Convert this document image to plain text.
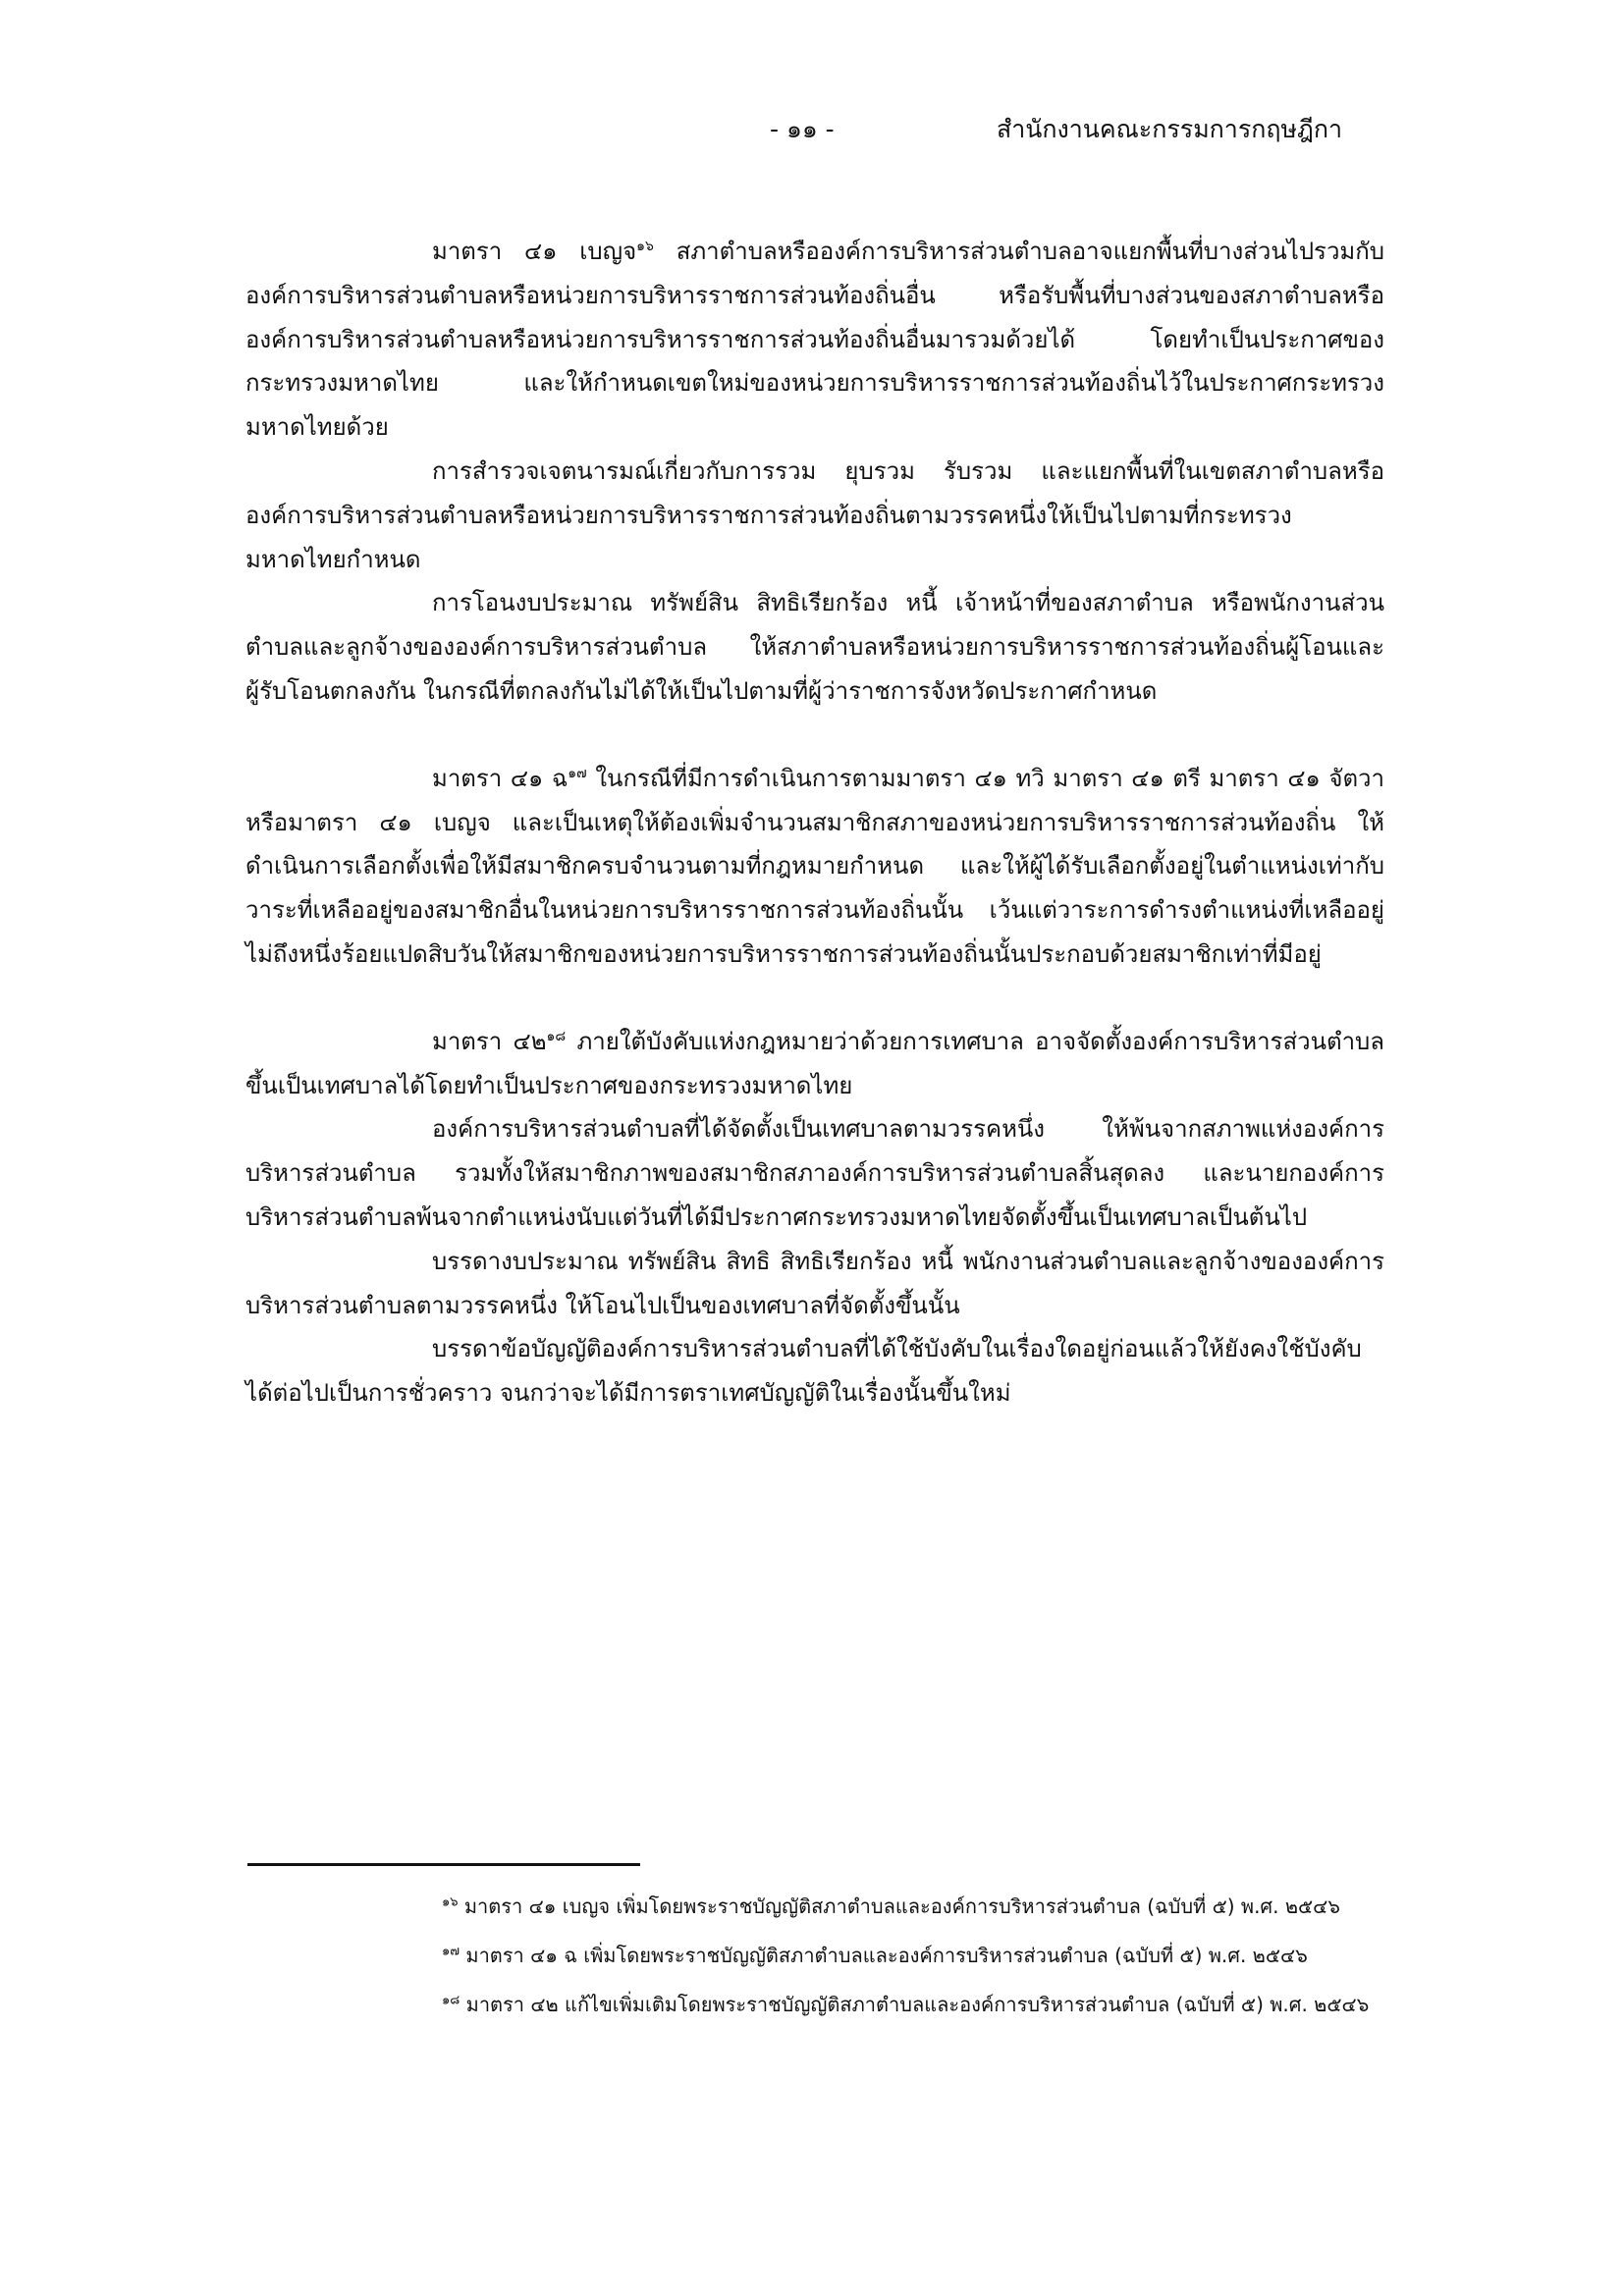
- ๑๑ -	สำนักงานคณะกรรมการกฤษฎีกา

มาตรา ๔๑ เบญจ$^{๑๖}$ สภาตำบลหรือองค์การบริหารส่วนตำบลอาจแยกพื้นที่บางส่วนไปรวมกับองค์การบริหารส่วนตำบลหรือหน่วยการบริหารราชการส่วนท้องถิ่นอื่น หรือรับพื้นที่บางส่วนของสภาตำบลหรือองค์การบริหารส่วนตำบลหรือหน่วยการบริหารราชการส่วนท้องถิ่นอื่นมารวมด้วยได้ โดยทำเป็นประกาศของกระทรวงมหาดไทย และให้กำหนดเขตใหม่ของหน่วยการบริหารราชการส่วนท้องถิ่นไว้ในประกาศกระทรวงมหาดไทยด้วย

การสำรวจเจตนารมณ์เกี่ยวกับการรวม ยุบรวม รับรวม และแยกพื้นที่ในเขตสภาตำบลหรือองค์การบริหารส่วนตำบลหรือหน่วยการบริหารราชการส่วนท้องถิ่นตามวรรคหนึ่งให้เป็นไปตามที่กระทรวงมหาดไทยกำหนด

การโอนงบประมาณ ทรัพย์สิน สิทธิเรียกร้อง หนี้ เจ้าหน้าที่ของสภาตำบล หรือพนักงานส่วนตำบลและลูกจ้างขององค์การบริหารส่วนตำบล ให้สภาตำบลหรือหน่วยการบริหารราชการส่วนท้องถิ่นผู้โอนและผู้รับโอนตกลงกัน ในกรณีที่ตกลงกันไม่ได้ให้เป็นไปตามที่ผู้ว่าราชการจังหวัดประกาศกำหนด

มาตรา ๔๑ ฉ$^{๑๗}$ ในกรณีที่มีการดำเนินการตามมาตรา ๔๑ ทวิ มาตรา ๔๑ ตรี มาตรา ๔๑ จัตวา หรือมาตรา ๔๑ เบญจ และเป็นเหตุให้ต้องเพิ่มจำนวนสมาชิกสภาของหน่วยการบริหารราชการส่วนท้องถิ่น ให้ดำเนินการเลือกตั้งเพื่อให้มีสมาชิกครบจำนวนตามที่กฎหมายกำหนด และให้ผู้ได้รับเลือกตั้งอยู่ในตำแหน่งเท่ากับวาระที่เหลืออยู่ของสมาชิกอื่นในหน่วยการบริหารราชการส่วนท้องถิ่นนั้น เว้นแต่วาระการดำรงตำแหน่งที่เหลืออยู่ไม่ถึงหนึ่งร้อยแปดสิบวันให้สมาชิกของหน่วยการบริหารราชการส่วนท้องถิ่นนั้นประกอบด้วยสมาชิกเท่าที่มีอยู่

มาตรา ๔๒$^{๑๘}$ ภายใต้บังคับแห่งกฎหมายว่าด้วยการเทศบาล อาจจัดตั้งองค์การบริหารส่วนตำบลขึ้นเป็นเทศบาลได้โดยทำเป็นประกาศของกระทรวงมหาดไทย

องค์การบริหารส่วนตำบลที่ได้จัดตั้งเป็นเทศบาลตามวรรคหนึ่ง ให้พ้นจากสภาพแห่งองค์การบริหารส่วนตำบล รวมทั้งให้สมาชิกภาพของสมาชิกสภาองค์การบริหารส่วนตำบลสิ้นสุดลง และนายกองค์การบริหารส่วนตำบลพ้นจากตำแหน่งนับแต่วันที่ได้มีประกาศกระทรวงมหาดไทยจัดตั้งขึ้นเป็นเทศบาลเป็นต้นไป

บรรดางบประมาณ ทรัพย์สิน สิทธิ สิทธิเรียกร้อง หนี้ พนักงานส่วนตำบลและลูกจ้างขององค์การบริหารส่วนตำบลตามวรรคหนึ่ง ให้โอนไปเป็นของเทศบาลที่จัดตั้งขึ้นนั้น

บรรดาข้อบัญญัติองค์การบริหารส่วนตำบลที่ได้ใช้บังคับในเรื่องใดอยู่ก่อนแล้วให้ยังคงใช้บังคับได้ต่อไปเป็นการชั่วคราว จนกว่าจะได้มีการตราเทศบัญญัติในเรื่องนั้นขึ้นใหม่

$^{๑๖}$ มาตรา ๔๑ เบญจ เพิ่มโดยพระราชบัญญัติสภาตำบลและองค์การบริหารส่วนตำบล (ฉบับที่ ๕) พ.ศ. ๒๕๔๖

$^{๑๗}$ มาตรา ๔๑ ฉ เพิ่มโดยพระราชบัญญัติสภาตำบลและองค์การบริหารส่วนตำบล (ฉบับที่ ๕) พ.ศ. ๒๕๔๖

$^{๑๘}$ มาตรา ๔๒ แก้ไขเพิ่มเติมโดยพระราชบัญญัติสภาตำบลและองค์การบริหารส่วนตำบล (ฉบับที่ ๕) พ.ศ. ๒๕๔๖
